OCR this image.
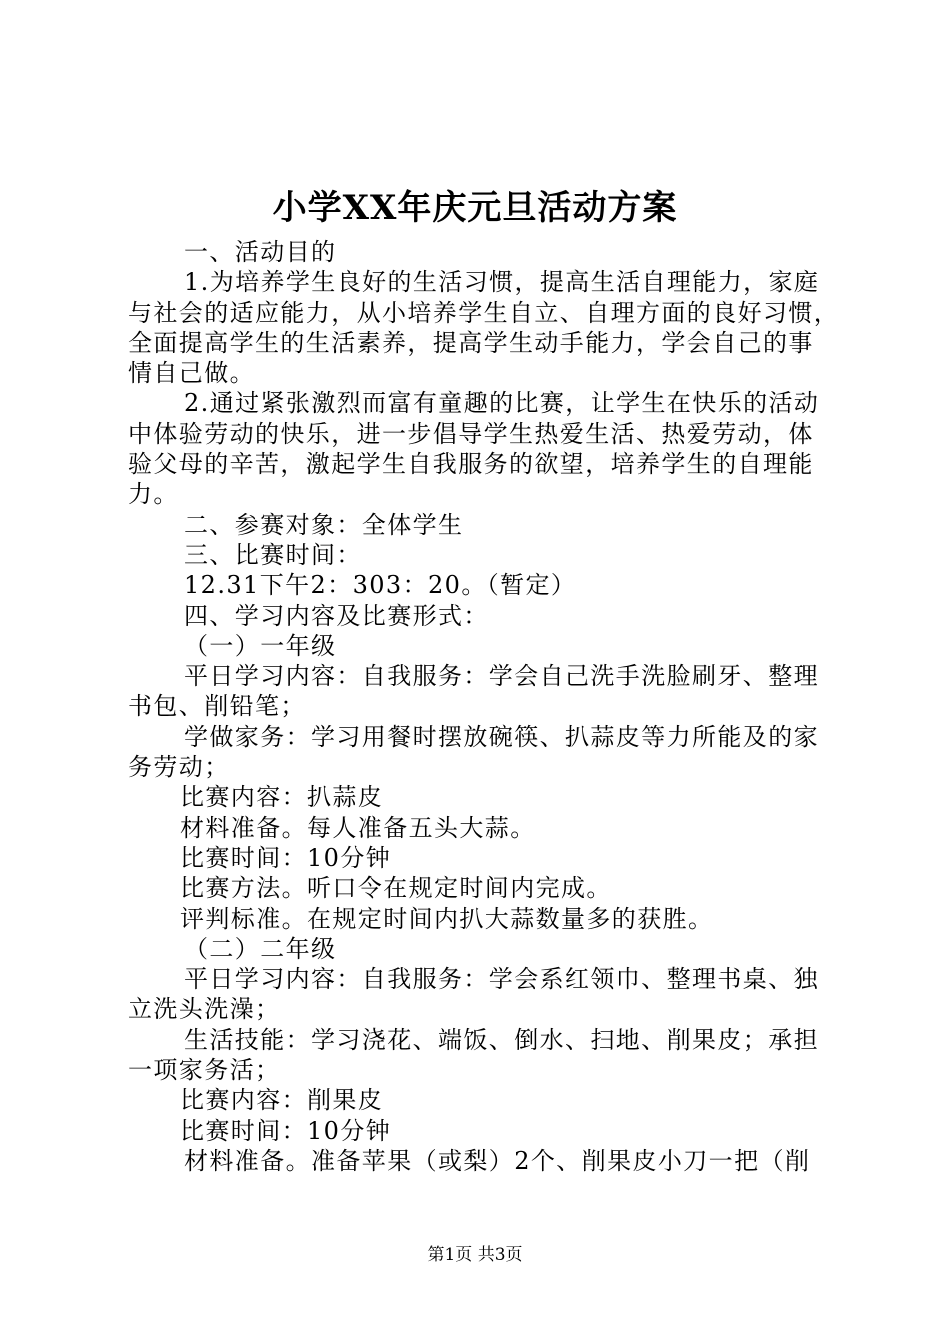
小学XX年庆元旦活动方案

一、活动目的

1.为培养学生良好的生活习惯，提高生活自理能力，家庭
与社会的适应能力，从小培养学生自立、自理方面的良好习惯，
全面提高学生的生活素养，提高学生动手能力，学会自己的事
情自己做。
2.通过紧张激烈而富有童趣的比赛，让学生在快乐的活动
中体验劳动的快乐，进一步倡导学生热爱生活、热爱劳动，体
验父母的辛苦，激起学生自我服务的欲望，培养学生的自理能
力。

二、参赛对象：全体学生

三、比赛时间：

12.31下午2：303：20。（暂定）

四、学习内容及比赛形式：

（一）一年级

平日学习内容：自我服务：学会自己洗手洗脸刷牙、整理
书包、削铅笔；
学做家务：学习用餐时摆放碗筷、扒蒜皮等力所能及的家
务劳动；

比赛内容：扒蒜皮

材料准备。每人准备五头大蒜。

比赛时间：10分钟

比赛方法。听口令在规定时间内完成。

评判标准。在规定时间内扒大蒜数量多的获胜。

（二）二年级

平日学习内容：自我服务：学会系红领巾、整理书桌、独
立洗头洗澡；
生活技能：学习浇花、端饭、倒水、扫地、削果皮；承担
一项家务活；

比赛内容：削果皮

比赛时间：10分钟

材料准备。准备苹果（或梨）2个、削果皮小刀一把（削

第1页 共3页
